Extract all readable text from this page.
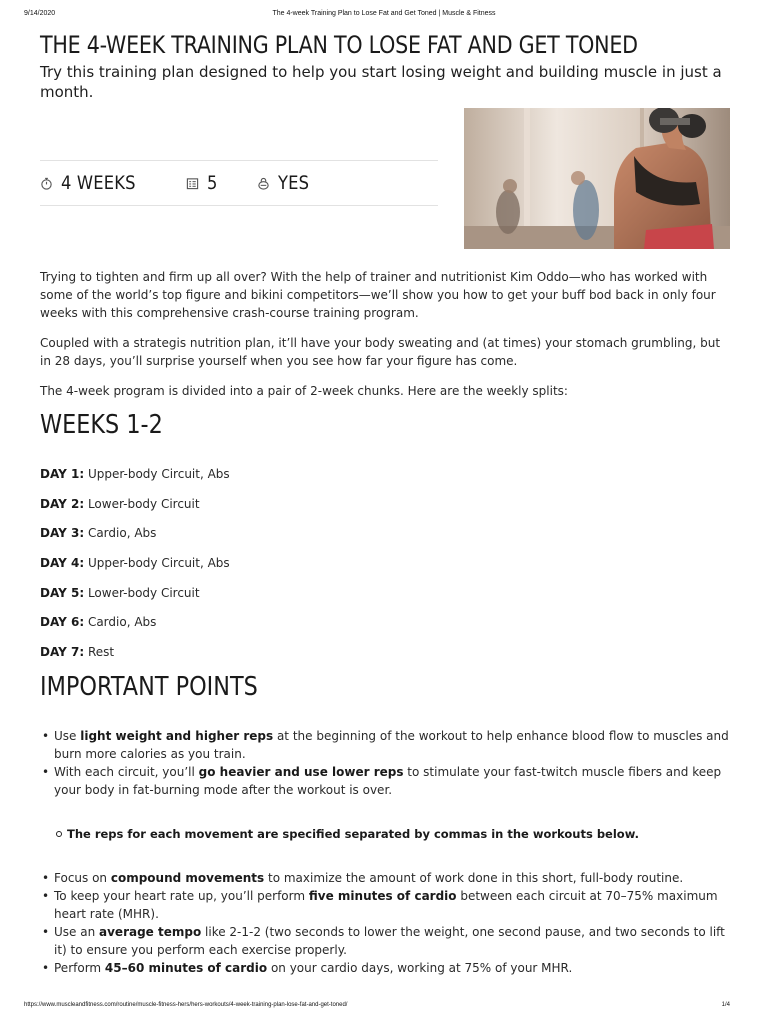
9/14/2020	The 4-week Training Plan to Lose Fat and Get Toned | Muscle & Fitness
THE 4-WEEK TRAINING PLAN TO LOSE FAT AND GET TONED

Try this training plan designed to help you start losing weight and building muscle in just a month.

4 WEEKS	5	YES

Trying to tighten and firm up all over? With the help of trainer and nutritionist Kim Oddo—who has worked with some of the world’s top figure and bikini competitors—we’ll show you how to get your buff bod back in only four weeks with this comprehensive crash-course training program.

Coupled with a strategis nutrition plan, it’ll have your body sweating and (at times) your stomach grumbling, but in 28 days, you’ll surprise yourself when you see how far your figure has come.

The 4-week program is divided into a pair of 2-week chunks. Here are the weekly splits:

WEEKS 1-2
DAY 1: Upper-body Circuit, Abs
DAY 2: Lower-body Circuit
DAY 3: Cardio, Abs
DAY 4: Upper-body Circuit, Abs
DAY 5: Lower-body Circuit
DAY 6: Cardio, Abs
DAY 7: Rest
IMPORTANT POINTS
• Use light weight and higher reps at the beginning of the workout to help enhance blood flow to muscles and burn more calories as you train.
• With each circuit, you’ll go heavier and use lower reps to stimulate your fast-twitch muscle fibers and keep your body in fat-burning mode after the workout is over.
The reps for each movement are specified separated by commas in the workouts below.
• Focus on compound movements to maximize the amount of work done in this short, full-body routine.
• To keep your heart rate up, you’ll perform five minutes of cardio between each circuit at 70–75% maximum heart rate (MHR).
• Use an average tempo like 2-1-2 (two seconds to lower the weight, one second pause, and two seconds to lift it) to ensure you perform each exercise properly.
• Perform 45–60 minutes of cardio on your cardio days, working at 75% of your MHR.
https://www.muscleandfitness.com/routine/muscle-fitness-hers/hers-workouts/4-week-training-plan-lose-fat-and-get-toned/	1/4
